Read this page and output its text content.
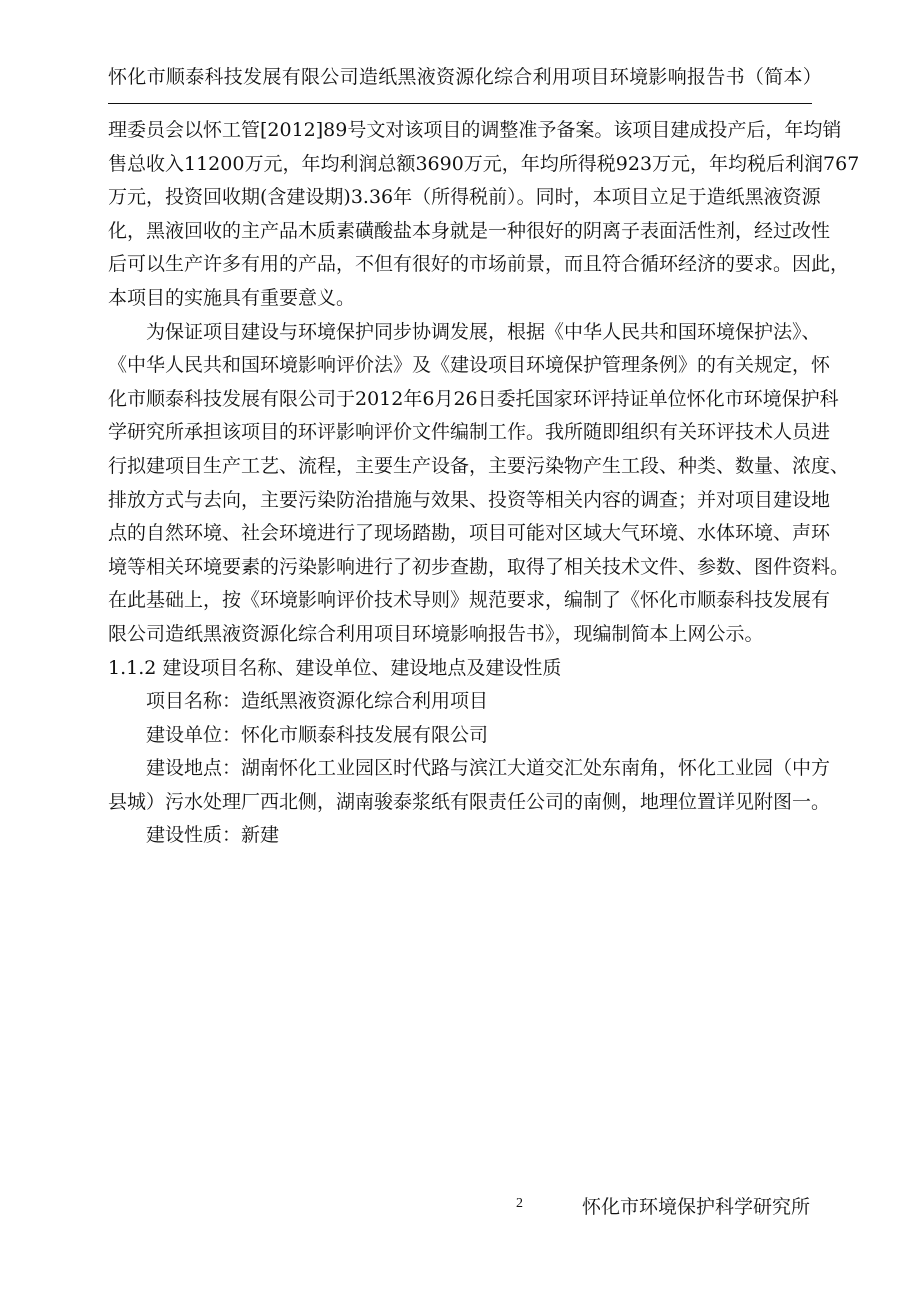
怀化市顺泰科技发展有限公司造纸黑液资源化综合利用项目环境影响报告书（简本）
理委员会以怀工管[2012]89号文对该项目的调整准予备案。该项目建成投产后，年均销
售总收入11200万元，年均利润总额3690万元，年均所得税923万元，年均税后利润767
万元，投资回收期(含建设期)3.36年（所得税前）。同时，本项目立足于造纸黑液资源
化，黑液回收的主产品木质素磺酸盐本身就是一种很好的阴离子表面活性剂，经过改性
后可以生产许多有用的产品，不但有很好的市场前景，而且符合循环经济的要求。因此，
本项目的实施具有重要意义。
为保证项目建设与环境保护同步协调发展，根据《中华人民共和国环境保护法》、
《中华人民共和国环境影响评价法》及《建设项目环境保护管理条例》的有关规定，怀
化市顺泰科技发展有限公司于2012年6月26日委托国家环评持证单位怀化市环境保护科
学研究所承担该项目的环评影响评价文件编制工作。我所随即组织有关环评技术人员进
行拟建项目生产工艺、流程，主要生产设备，主要污染物产生工段、种类、数量、浓度、
排放方式与去向，主要污染防治措施与效果、投资等相关内容的调查；并对项目建设地
点的自然环境、社会环境进行了现场踏勘，项目可能对区域大气环境、水体环境、声环
境等相关环境要素的污染影响进行了初步查勘，取得了相关技术文件、参数、图件资料。
在此基础上，按《环境影响评价技术导则》规范要求，编制了《怀化市顺泰科技发展有
限公司造纸黑液资源化综合利用项目环境影响报告书》，现编制简本上网公示。
1.1.2 建设项目名称、建设单位、建设地点及建设性质
项目名称：造纸黑液资源化综合利用项目
建设单位：怀化市顺泰科技发展有限公司
建设地点：湖南怀化工业园区时代路与滨江大道交汇处东南角，怀化工业园（中方
县城）污水处理厂西北侧，湖南骏泰浆纸有限责任公司的南侧，地理位置详见附图一。
建设性质：新建
2	怀化市环境保护科学研究所
